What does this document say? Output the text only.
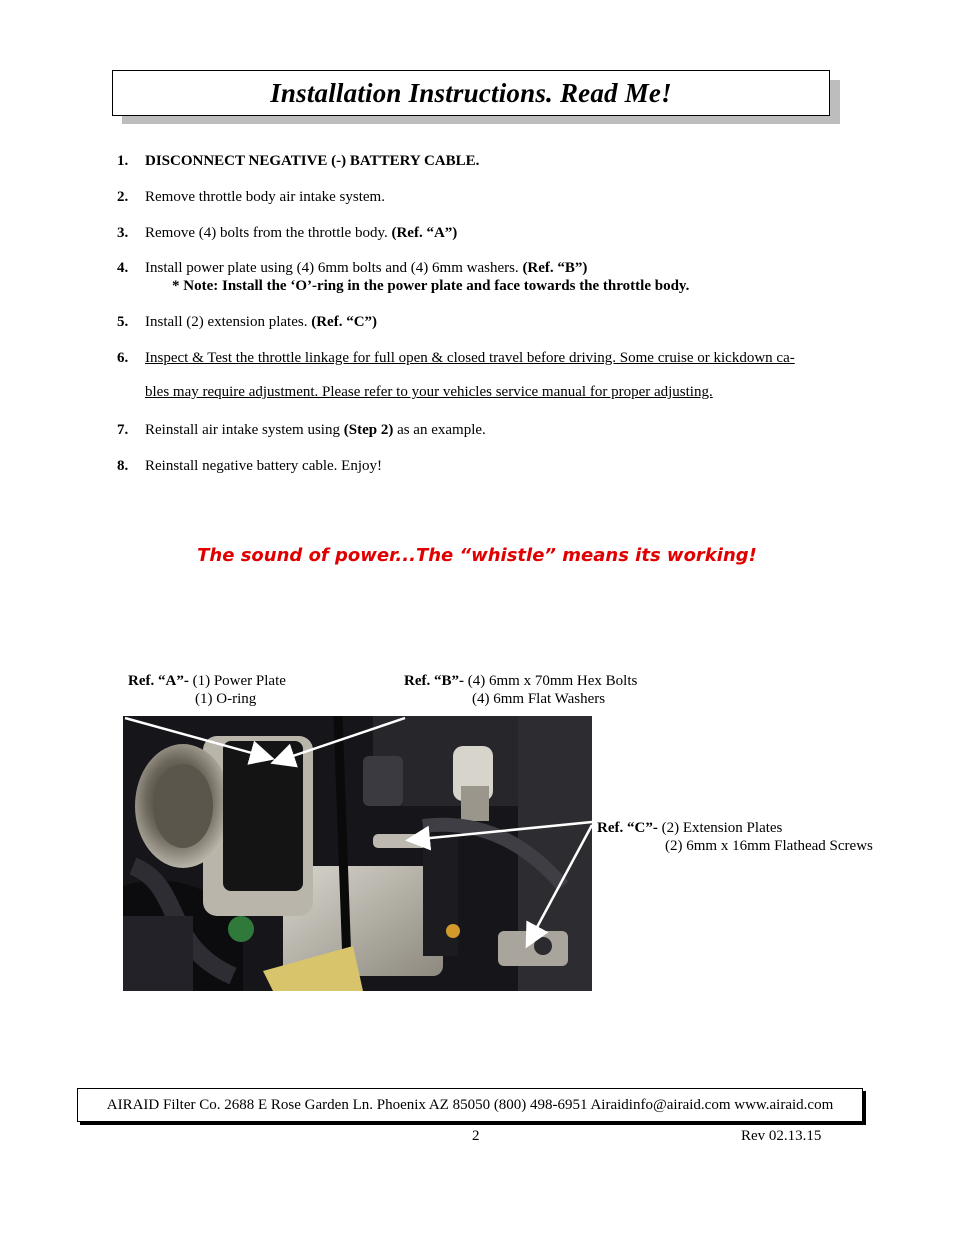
Installation Instructions. Read Me!
1. DISCONNECT NEGATIVE (-) BATTERY CABLE.
2. Remove throttle body air intake system.
3. Remove (4) bolts from the throttle body. (Ref. “A”)
4. Install power plate using (4) 6mm bolts and (4) 6mm washers. (Ref. “B”)
* Note: Install the ‘O’-ring in the power plate and face towards the throttle body.
5. Install (2) extension plates. (Ref. “C”)
6. Inspect & Test the throttle linkage for full open & closed travel before driving. Some cruise or kickdown ca-
bles may require adjustment. Please refer to your vehicles service manual for proper adjusting.
7. Reinstall air intake system using (Step 2) as an example.
8. Reinstall negative battery cable. Enjoy!
The sound of power...The “whistle” means its working!
Ref. “A”- (1) Power Plate
(1) O-ring
Ref. “B”- (4) 6mm x 70mm Hex Bolts
(4) 6mm Flat Washers
Ref. “C”- (2) Extension Plates
(2) 6mm x 16mm Flathead Screws
AIRAID Filter Co. 2688 E Rose Garden Ln. Phoenix AZ 85050 (800) 498-6951 Airaidinfo@airaid.com www.airaid.com
2	Rev 02.13.15
